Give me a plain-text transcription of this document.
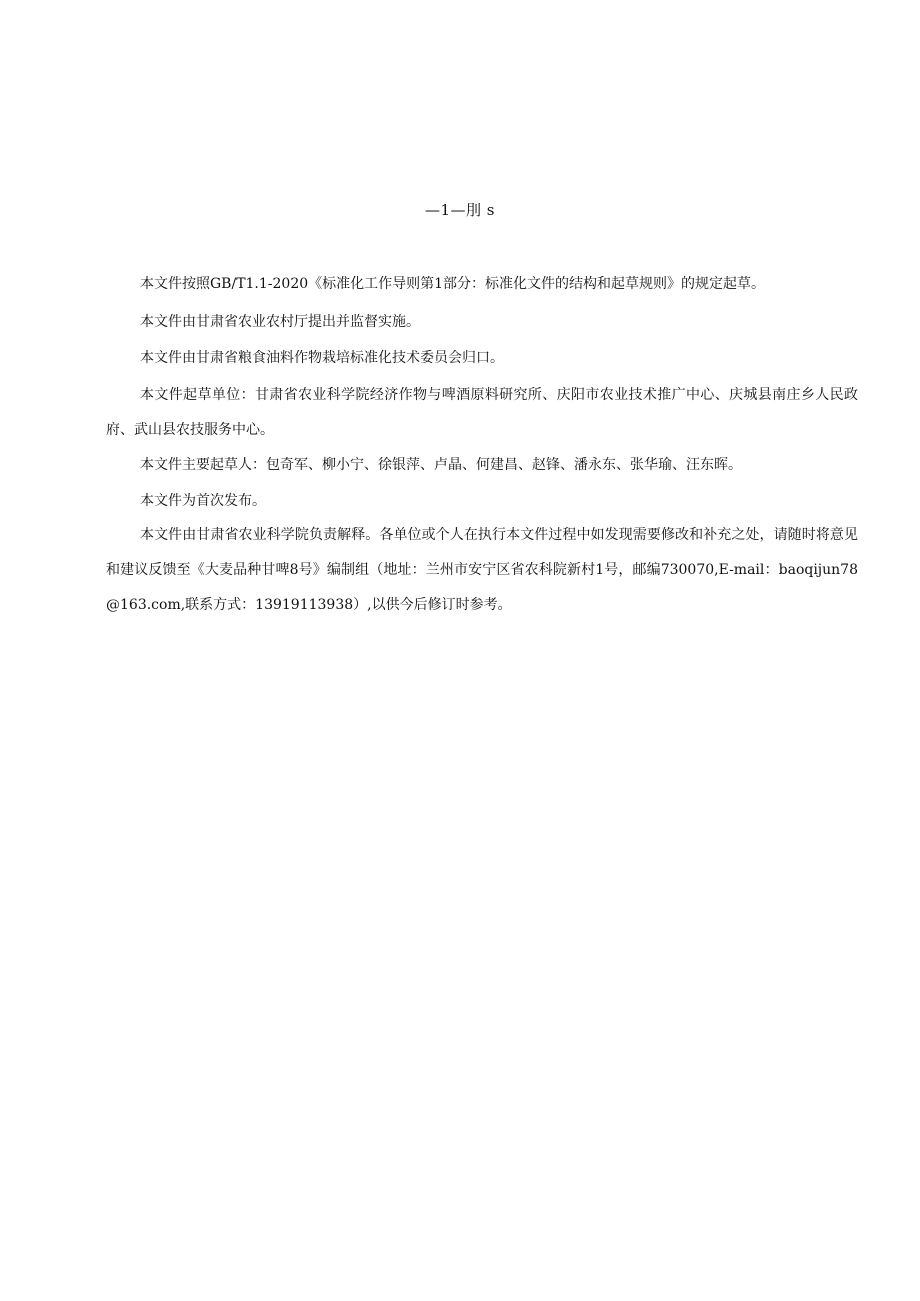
—1—刖 s

本文件按照GB/T1.1-2020《标准化工作导则第1部分：标准化文件的结构和起草规则》的规定起草。

本文件由甘肃省农业农村厅提出并监督实施。

本文件由甘肃省粮食油料作物栽培标准化技术委员会归口。

本文件起草单位：甘肃省农业科学院经济作物与啤酒原料研究所、庆阳市农业技术推广中心、庆城县南庄乡人民政府、武山县农技服务中心。

本文件主要起草人：包奇军、柳小宁、徐银萍、卢晶、何建昌、赵锋、潘永东、张华瑜、汪东晖。

本文件为首次发布。

本文件由甘肃省农业科学院负责解释。各单位或个人在执行本文件过程中如发现需要修改和补充之处，请随时将意见和建议反馈至《大麦品种甘啤8号》编制组（地址：兰州市安宁区省农科院新村1号，邮编730070,E-mail：baoqijun78@163.com,联系方式：13919113938）,以供今后修订时参考。
